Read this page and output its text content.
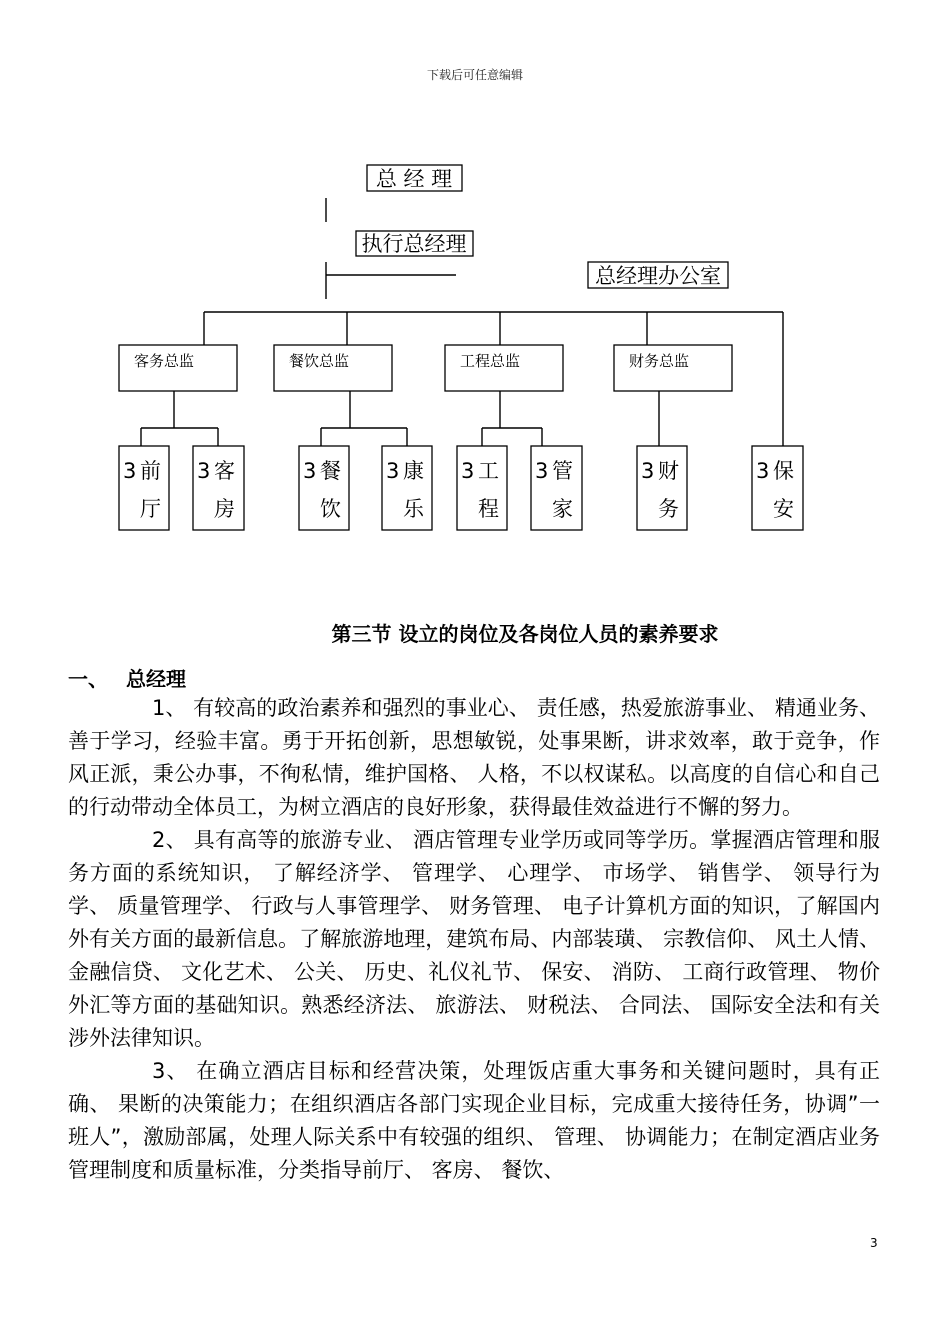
下载后可任意编辑
总 经 理
执行总经理
总经理办公室
客务总监	餐饮总监	工程总监	财务总监
3 前
厅
3 客
房
3 餐
饮
3 康
乐
3 工
程
3 管
家
3 财
务
3 保
安
第三节 设立的岗位及各岗位人员的素养要求
一、 总经理

1、 有较高的政治素养和强烈的事业心、 责任感，热爱旅游事业、 精通业务、 善于学习，经验丰富。勇于开拓创新，思想敏锐，处事果断，讲求效率，敢于竞争，作风正派，秉公办事，不徇私情，维护国格、 人格，不以权谋私。以高度的自信心和自己的行动带动全体员工，为树立酒店的良好形象，获得最佳效益进行不懈的努力。

2、 具有高等的旅游专业、 酒店管理专业学历或同等学历。掌握酒店管理和服务方面的系统知识， 了解经济学、 管理学、 心理学、 市场学、 销售学、 领导行为学、 质量管理学、 行政与人事管理学、 财务管理、 电子计算机方面的知识，了解国内外有关方面的最新信息。了解旅游地理，建筑布局、内部装璜、 宗教信仰、 风土人情、 金融信贷、 文化艺术、 公关、 历史、礼仪礼节、 保安、 消防、 工商行政管理、 物价外汇等方面的基础知识。熟悉经济法、 旅游法、 财税法、 合同法、 国际安全法和有关涉外法律知识。

3、 在确立酒店目标和经营决策，处理饭店重大事务和关键问题时，具有正确、 果断的决策能力；在组织酒店各部门实现企业目标，完成重大接待任务，协调”一班人”，激励部属，处理人际关系中有较强的组织、 管理、 协调能力；在制定酒店业务管理制度和质量标准，分类指导前厅、 客房、 餐饮、

3
